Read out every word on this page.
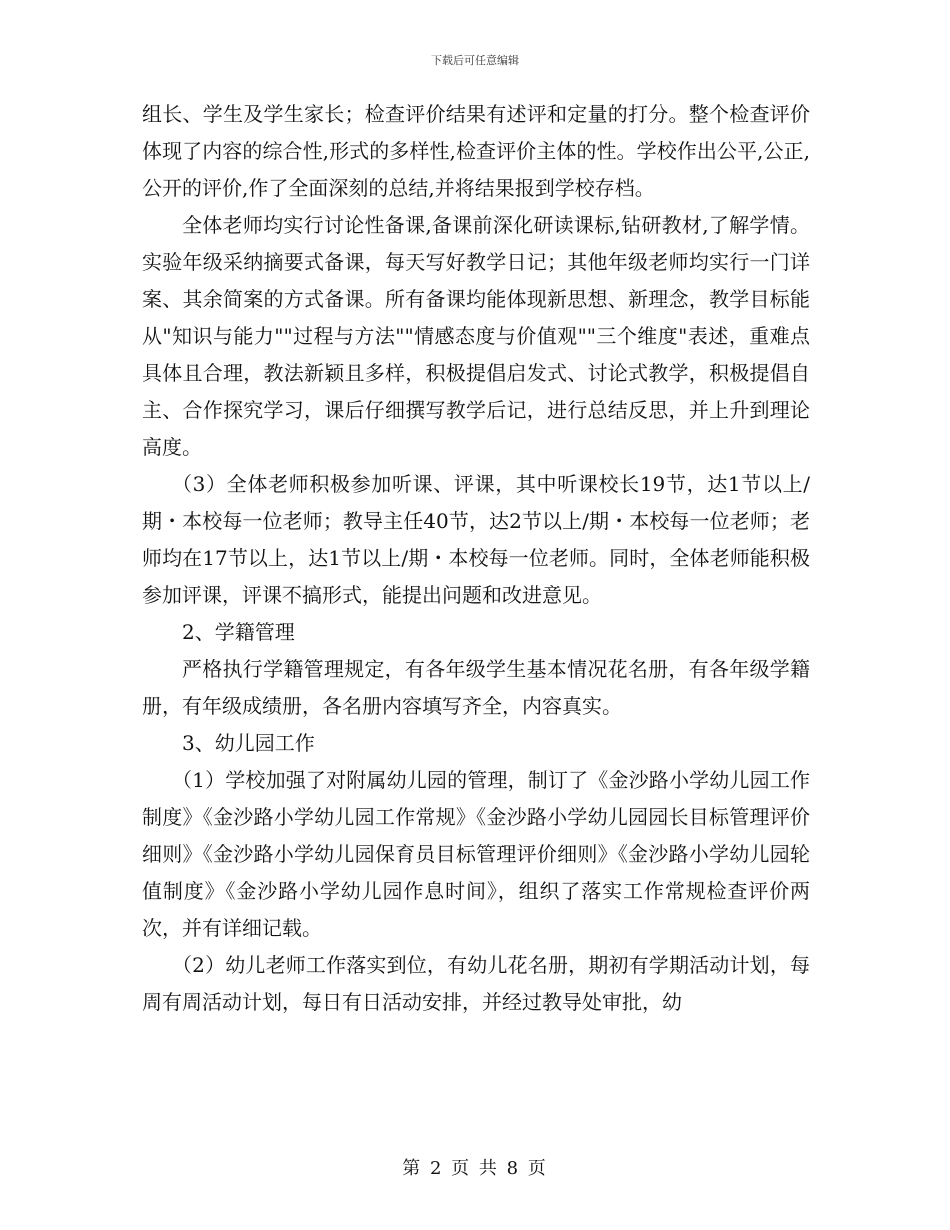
下载后可任意编辑

组长、学生及学生家长；检查评价结果有述评和定量的打分。整个检查评价体现了内容的综合性,形式的多样性,检查评价主体的性。学校作出公平,公正,公开的评价,作了全面深刻的总结,并将结果报到学校存档。

全体老师均实行讨论性备课,备课前深化研读课标,钻研教材,了解学情。实验年级采纳摘要式备课，每天写好教学日记；其他年级老师均实行一门详案、其余简案的方式备课。所有备课均能体现新思想、新理念，教学目标能从"知识与能力""过程与方法""情感态度与价值观""三个维度"表述，重难点具体且合理，教法新颖且多样，积极提倡启发式、讨论式教学，积极提倡自主、合作探究学习，课后仔细撰写教学后记，进行总结反思，并上升到理论高度。

（3）全体老师积极参加听课、评课，其中听课校长19节，达1节以上/期・本校每一位老师；教导主任40节，达2节以上/期・本校每一位老师；老师均在17节以上，达1节以上/期・本校每一位老师。同时，全体老师能积极参加评课，评课不搞形式，能提出问题和改进意见。

2、学籍管理

严格执行学籍管理规定，有各年级学生基本情况花名册，有各年级学籍册，有年级成绩册，各名册内容填写齐全，内容真实。

3、幼儿园工作

（1）学校加强了对附属幼儿园的管理，制订了《金沙路小学幼儿园工作制度》《金沙路小学幼儿园工作常规》《金沙路小学幼儿园园长目标管理评价细则》《金沙路小学幼儿园保育员目标管理评价细则》《金沙路小学幼儿园轮值制度》《金沙路小学幼儿园作息时间》，组织了落实工作常规检查评价两次，并有详细记载。

（2）幼儿老师工作落实到位，有幼儿花名册，期初有学期活动计划，每周有周活动计划，每日有日活动安排，并经过教导处审批，幼

第 2 页 共 8 页
